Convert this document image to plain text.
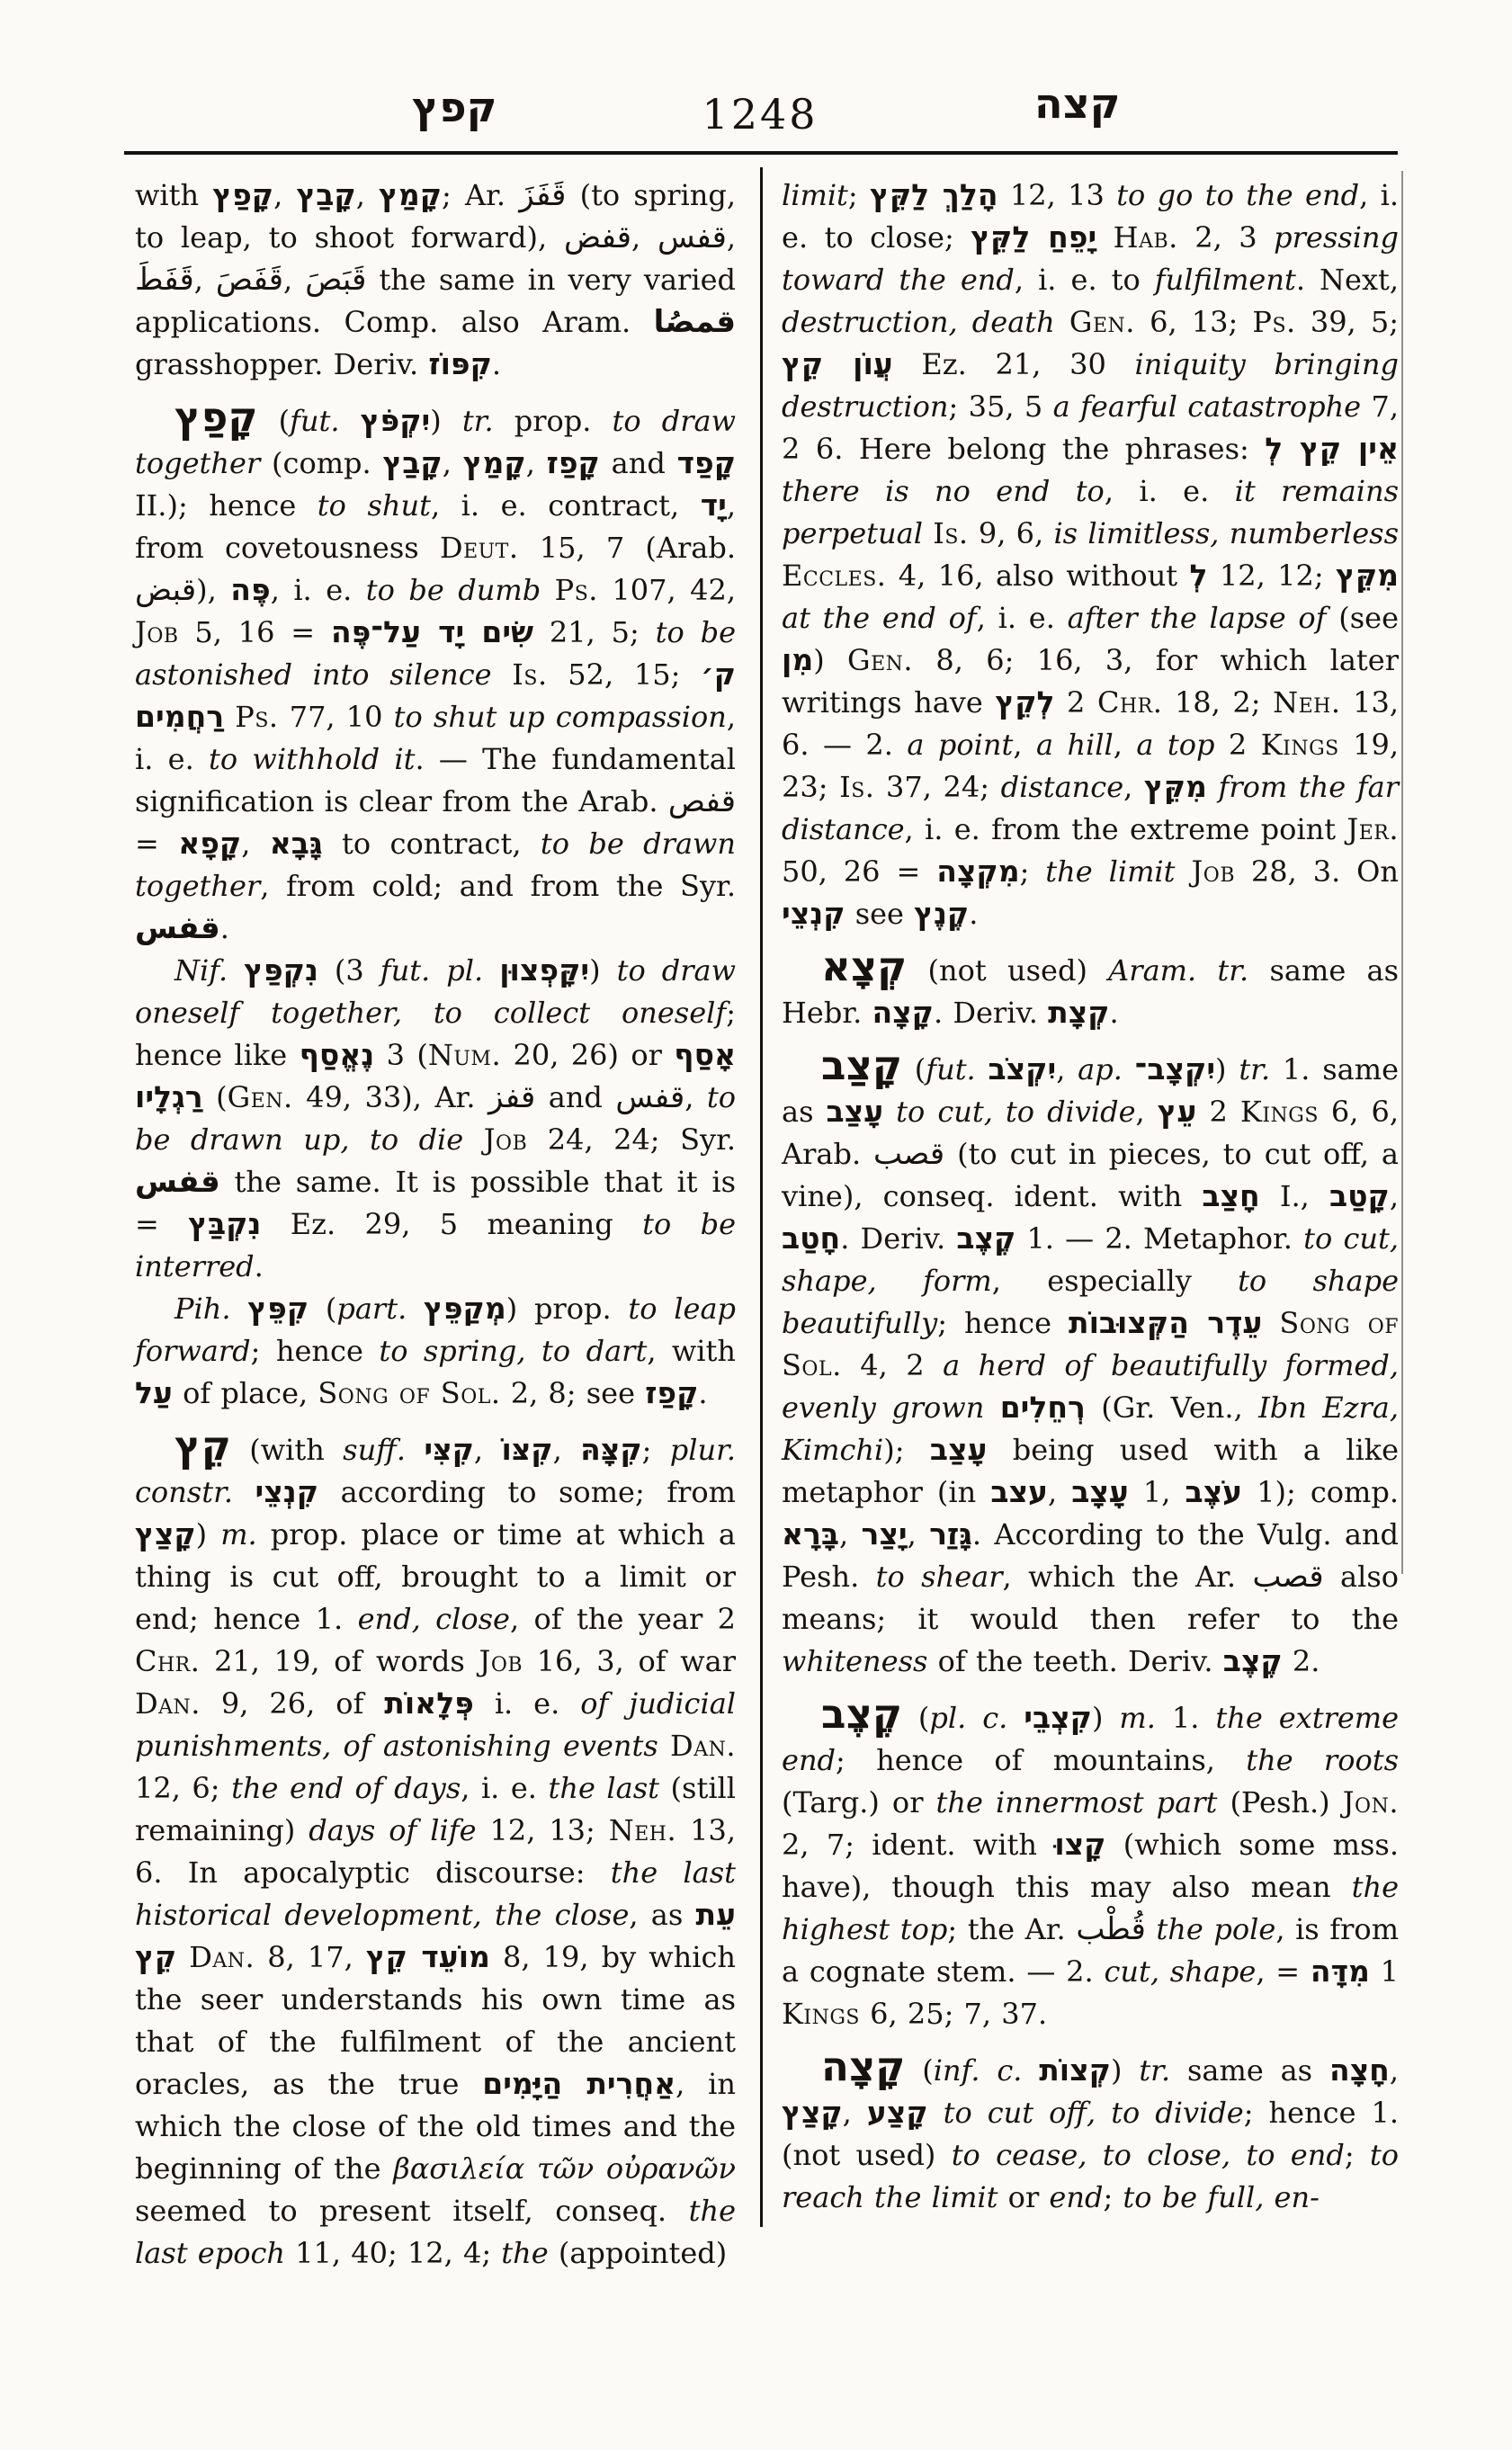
קפץ	1248	קצה

with קָפַץ, קָבַץ, קָמַץ; Ar. قَفَزَ (to spring, to leap, to shoot forward), قفض, قفس, قَفَطَ, قَفَصَ, قَبَصَ the same in very varied applications. Comp. also Aram. قمصُا grasshopper. Deriv. קִפּוֹז.

קָפַץ (fut. יִקְפֹּץ) tr. prop. to draw together (comp. קָבַץ, קָמַץ, קָפַז and קָפַד II.); hence to shut, i. e. contract, יָד, from covetousness Deut. 15, 7 (Arab. قبض), פֶּה, i. e. to be dumb Ps. 107, 42, Job 5, 16 = שִׂים יָד עַל־פֶּה 21, 5; to be astonished into silence Is. 52, 15; ק׳ רַחֲמִים Ps. 77, 10 to shut up compassion, i. e. to withhold it. — The fundamental signification is clear from the Arab. قفص = קָפָא, גָּבָא to contract, to be drawn together, from cold; and from the Syr. قفس.

Nif. נִקְפַּץ (3 fut. pl. יִקָּפְצוּן) to draw oneself together, to collect oneself; hence like נֶאֱסַף 3 (Num. 20, 26) or אָסַף רַגְלָיו (Gen. 49, 33), Ar. قفز and قفس, to be drawn up, to die Job 24, 24; Syr. قفس the same. It is possible that it is = נִקְבַּץ Ez. 29, 5 meaning to be interred.

Pih. קִפֵּץ (part. מְקַפֵּץ) prop. to leap forward; hence to spring, to dart, with עַל of place, Song of Sol. 2, 8; see קָפַז.

קֵץ (with suff. קִצִּי, קִצּוֹ, קִצָּהּ; plur. constr. קִנְצֵי according to some; from קָצַץ) m. prop. place or time at which a thing is cut off, brought to a limit or end; hence 1. end, close, of the year 2 Chr. 21, 19, of words Job 16, 3, of war Dan. 9, 26, of פְּלָאוֹת i. e. of judicial punishments, of astonishing events Dan. 12, 6; the end of days, i. e. the last (still remaining) days of life 12, 13; Neh. 13, 6. In apocalyptic discourse: the last historical development, the close, as עֵת קֵץ Dan. 8, 17, מוֹעֵד קֵץ 8, 19, by which the seer understands his own time as that of the fulfilment of the ancient oracles, as the true אַחֲרִית הַיָּמִים, in which the close of the old times and the beginning of the βασιλεία τῶν οὐρανῶν seemed to present itself, conseq. the last epoch 11, 40; 12, 4; the (appointed)

limit; הָלַךְ לַקֵּץ 12, 13 to go to the end, i. e. to close; יָפֵחַ לַקֵּץ Hab. 2, 3 pressing toward the end, i. e. to fulfilment. Next, destruction, death Gen. 6, 13; Ps. 39, 5; עֲוֹן קֵץ Ez. 21, 30 iniquity bringing destruction; 35, 5 a fearful catastrophe 7, 2 6. Here belong the phrases: אֵין קֵץ לְ there is no end to, i. e. it remains perpetual Is. 9, 6, is limitless, numberless Eccles. 4, 16, also without לְ 12, 12; מִקֵּץ at the end of, i. e. after the lapse of (see מִן) Gen. 8, 6; 16, 3, for which later writings have לְקֵץ 2 Chr. 18, 2; Neh. 13, 6. — 2. a point, a hill, a top 2 Kings 19, 23; Is. 37, 24; distance, מִקֵּץ from the far distance, i. e. from the extreme point Jer. 50, 26 = מִקְצָה; the limit Job 28, 3. On קִנְצֵי see קֶנֶץ.

קְצָא (not used) Aram. tr. same as Hebr. קָצָה. Deriv. קְצָת.

קָצַב (fut. יִקְצֹב, ap. יִקְצָב־) tr. 1. same as עָצַב to cut, to divide, עֵץ 2 Kings 6, 6, Arab. قصب (to cut in pieces, to cut off, a vine), conseq. ident. with חָצַב I., קָטַב, חָטַב. Deriv. קֶצֶב 1. — 2. Metaphor. to cut, shape, form, especially to shape beautifully; hence עֵדֶר הַקְּצוּבוֹת Song of Sol. 4, 2 a herd of beautifully formed, evenly grown רְחֵלִים (Gr. Ven., Ibn Ezra, Kimchi); עָצַב being used with a like metaphor (in עצב, עָצָב 1, עֹצֶב 1); comp. בָּרָא, יָצַר, גָּזַר. According to the Vulg. and Pesh. to shear, which the Ar. قصب also means; it would then refer to the whiteness of the teeth. Deriv. קֶצֶב 2.

קֶצֶב (pl. c. קִצְבֵי) m. 1. the extreme end; hence of mountains, the roots (Targ.) or the innermost part (Pesh.) Jon. 2, 7; ident. with קָצוּ (which some mss. have), though this may also mean the highest top; the Ar. قُطْب the pole, is from a cognate stem. — 2. cut, shape, = מִדָּה 1 Kings 6, 25; 7, 37.

קָצָה (inf. c. קְצוֹת) tr. same as חָצָה, קָצַץ, קָצַע to cut off, to divide; hence 1. (not used) to cease, to close, to end; to reach the limit or end; to be full, en-
